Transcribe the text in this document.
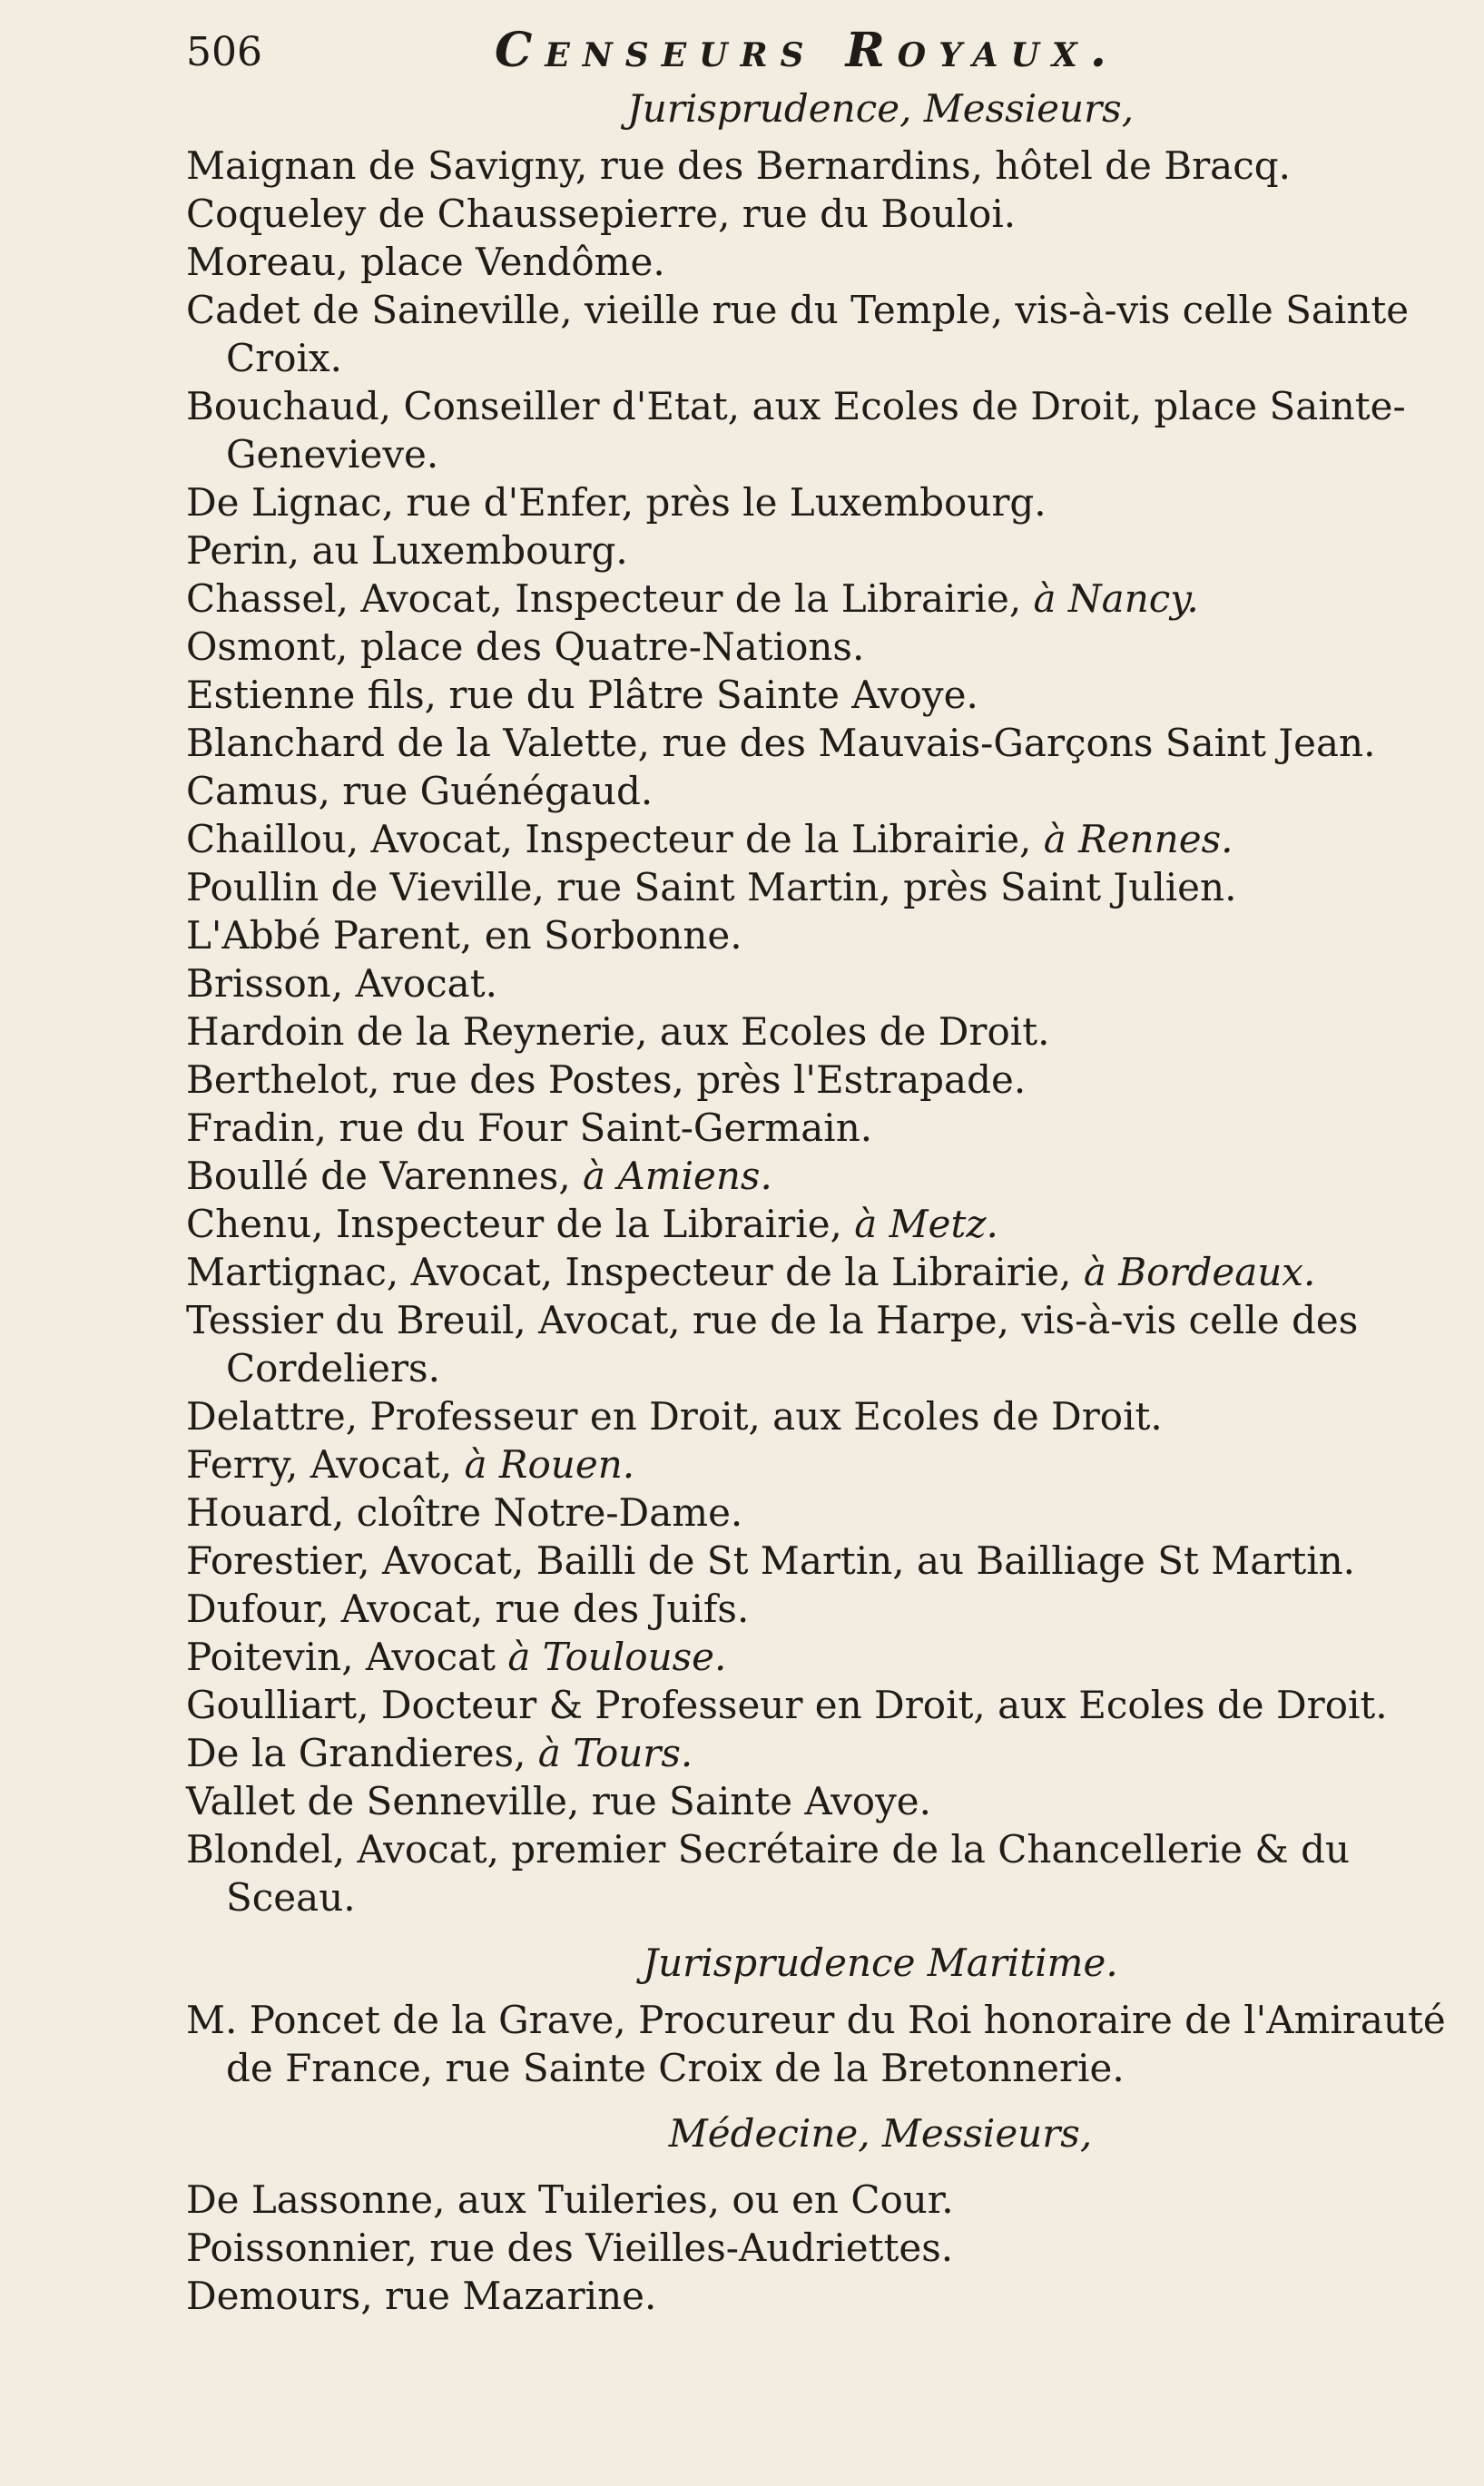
506	Censeurs Royaux.

Jurisprudence, Messieurs,

Maignan de Savigny, rue des Bernardins, hôtel de Bracq.

Coqueley de Chaussepierre, rue du Bouloi.

Moreau, place Vendôme.

Cadet de Saineville, vieille rue du Temple, vis-à-vis celle Sainte Croix.

Bouchaud, Conseiller d'Etat, aux Ecoles de Droit, place Sainte-Genevieve.

De Lignac, rue d'Enfer, près le Luxembourg.

Perin, au Luxembourg.

Chassel, Avocat, Inspecteur de la Librairie, à Nancy.

Osmont, place des Quatre-Nations.

Estienne fils, rue du Plâtre Sainte Avoye.

Blanchard de la Valette, rue des Mauvais-Garçons Saint Jean.

Camus, rue Guénégaud.

Chaillou, Avocat, Inspecteur de la Librairie, à Rennes.

Poullin de Vieville, rue Saint Martin, près Saint Julien.

L'Abbé Parent, en Sorbonne.

Brisson, Avocat.

Hardoin de la Reynerie, aux Ecoles de Droit.

Berthelot, rue des Postes, près l'Estrapade.

Fradin, rue du Four Saint-Germain.

Boullé de Varennes, à Amiens.

Chenu, Inspecteur de la Librairie, à Metz.

Martignac, Avocat, Inspecteur de la Librairie, à Bordeaux.

Tessier du Breuil, Avocat, rue de la Harpe, vis-à-vis celle des Cordeliers.

Delattre, Professeur en Droit, aux Ecoles de Droit.

Ferry, Avocat, à Rouen.

Houard, cloître Notre-Dame.

Forestier, Avocat, Bailli de St Martin, au Bailliage St Martin.

Dufour, Avocat, rue des Juifs.

Poitevin, Avocat à Toulouse.

Goulliart, Docteur & Professeur en Droit, aux Ecoles de Droit.

De la Grandieres, à Tours.

Vallet de Senneville, rue Sainte Avoye.

Blondel, Avocat, premier Secrétaire de la Chancellerie & du Sceau.

Jurisprudence Maritime.

M. Poncet de la Grave, Procureur du Roi honoraire de l'Amirauté de France, rue Sainte Croix de la Bretonnerie.

Médecine, Messieurs,

De Lassonne, aux Tuileries, ou en Cour.

Poissonnier, rue des Vieilles-Audriettes.

Demours, rue Mazarine.
